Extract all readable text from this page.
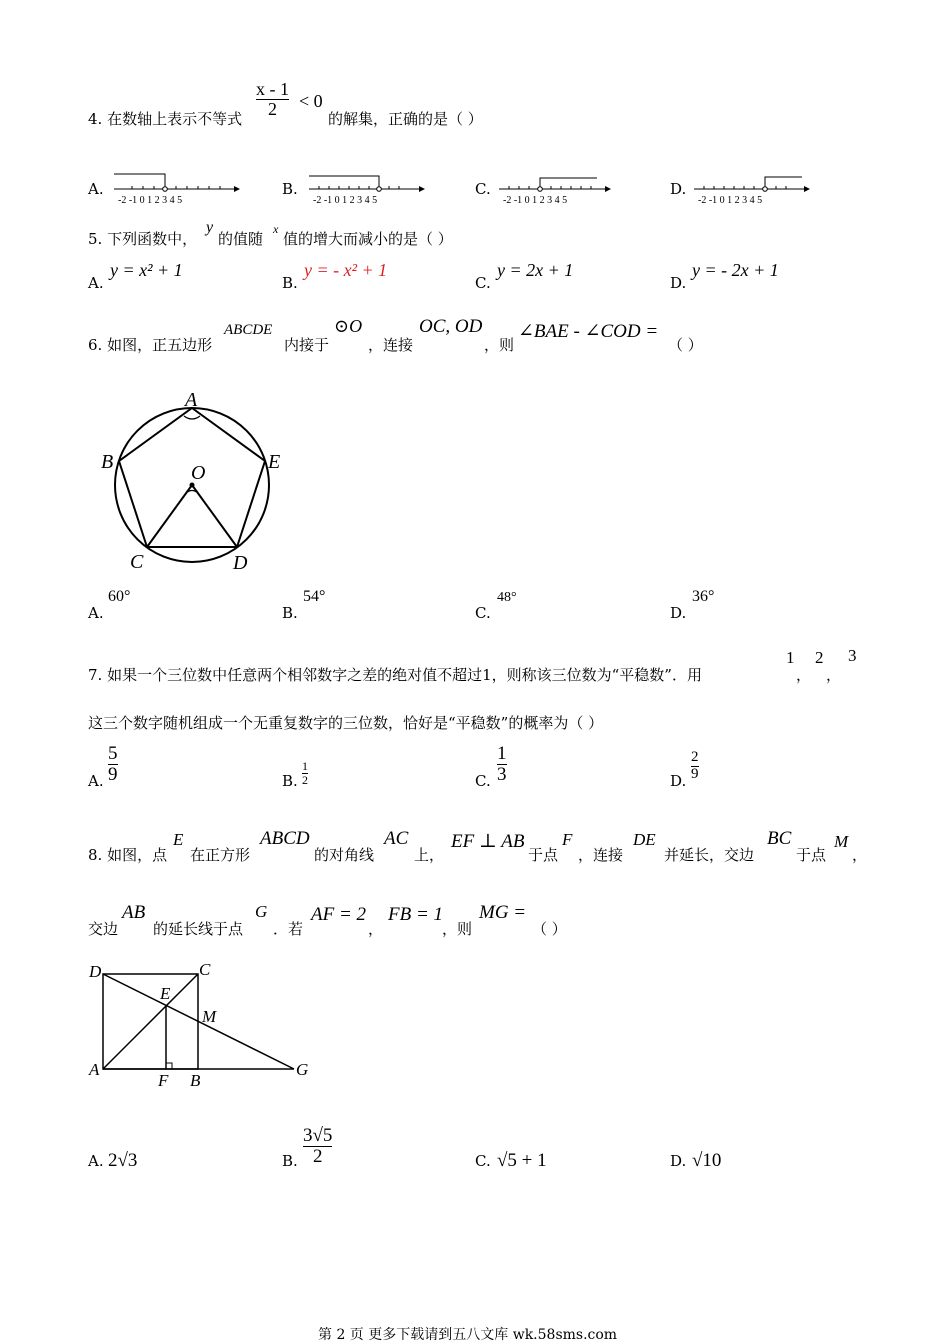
4. 在数轴上表示不等式
$\frac{x - 1}{2} < 0$
的解集，正确的是（ ）
A.
-2 -1 0 1 2 3 4 5
B.
-2 -1 0 1 2 3 4 5
C.
-2 -1 0 1 2 3 4 5
D.
-2 -1 0 1 2 3 4 5
5. 下列函数中，
y
的值随
x
值的增大而减小的是（ ）
A.
y = x² + 1
B.
y = - x² + 1
C.
y = 2x + 1
D.
y = - 2x + 1
6. 如图，正五边形
ABCDE
内接于
⊙O
，连接
OC, OD
，则
∠BAE - ∠COD =
（ ）
A
B	E
O
C	D
A.
60°
B.
54°
C.
48°
D.
36°
7. 如果一个三位数中任意两个相邻数字之差的绝对值不超过1，则称该三位数为“平稳数”．用
1
，
2
，
3
这三个数字随机组成一个无重复数字的三位数，恰好是“平稳数”的概率为（ ）
A.
5
9	B.
1
2	C.
1
3	D.
2
9
8. 如图，点
E
在正方形
ABCD
的对角线
AC
上，
EF ⊥ AB
于点
F
，连接
DE
并延长，交边
BC
于点
M
，
交边
AB
的延长线于点
G
．若
AF = 2
，
FB = 1
，则
MG =
（ ）
D	C
E
M
A
F B
G
A. 2√3	B.
3√5
2	C. √5 + 1	D. √10
第 2 页 更多下载请到五八文库 wk.58sms.com
